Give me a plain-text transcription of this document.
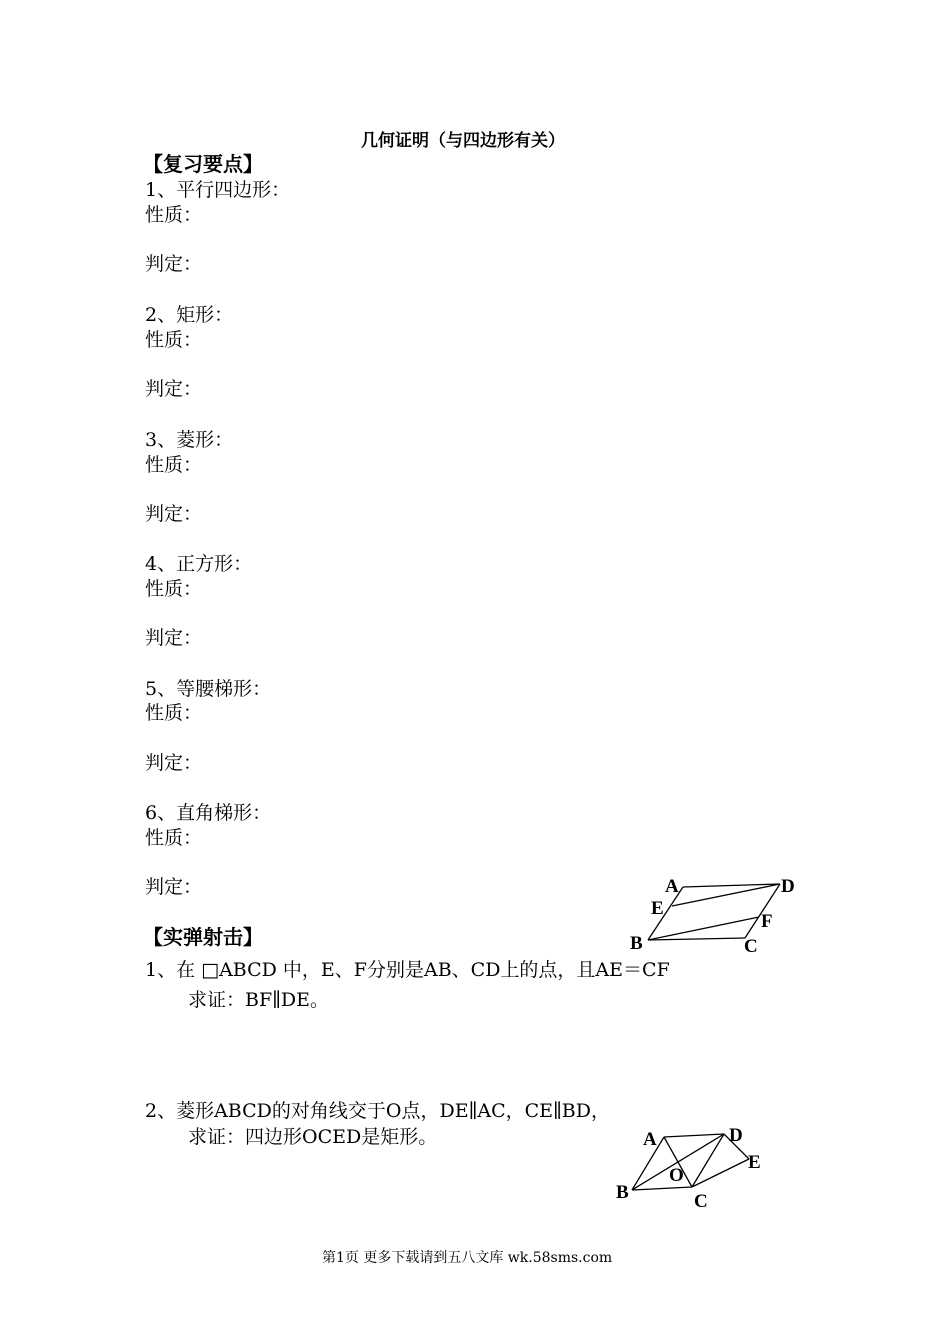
几何证明（与四边形有关）
【复习要点】
1、平行四边形：
性质：
判定：
2、矩形：
性质：
判定：
3、菱形：
性质：
判定：
4、正方形：
性质：
判定：
5、等腰梯形：
性质：
判定：
6、直角梯形：
性质：
判定：
【实弹射击】
1、在 □ABCD 中，E、F分别是AB、CD上的点，且AE＝CF
求证：BF∥DE。
2、菱形ABCD的对角线交于O点，DE∥AC，CE∥BD，
求证：四边形OCED是矩形。
A	D
E
F
B	C
A	D
E
O
B	C
第1页 更多下载请到五八文库 wk.58sms.com
